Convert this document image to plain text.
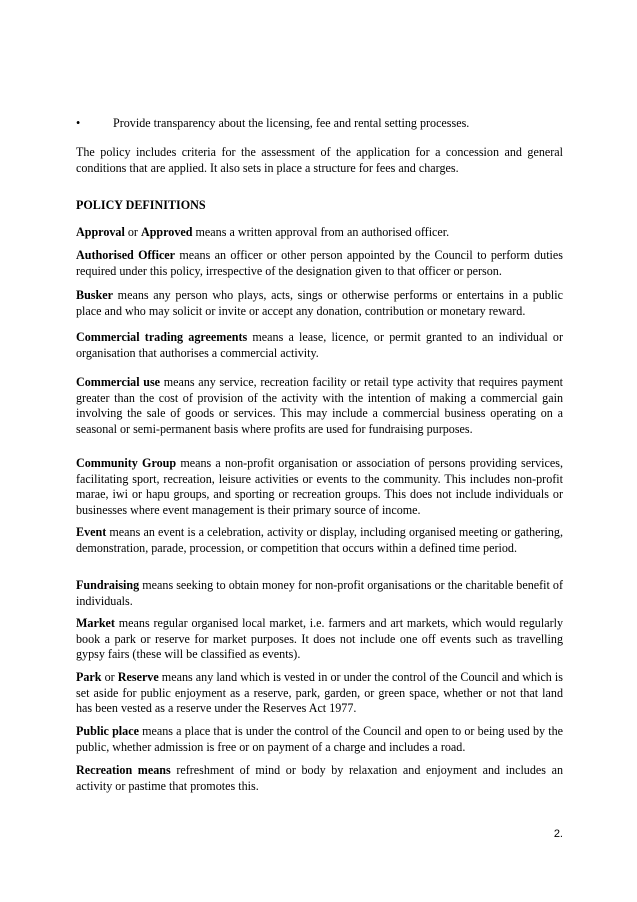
•	Provide transparency about the licensing, fee and rental setting processes.

The policy includes criteria for the assessment of the application for a concession and general conditions that are applied. It also sets in place a structure for fees and charges.

POLICY DEFINITIONS

Approval or Approved means a written approval from an authorised officer.

Authorised Officer means an officer or other person appointed by the Council to perform duties required under this policy, irrespective of the designation given to that officer or person.

Busker means any person who plays, acts, sings or otherwise performs or entertains in a public place and who may solicit or invite or accept any donation, contribution or monetary reward.

Commercial trading agreements means a lease, licence, or permit granted to an individual or organisation that authorises a commercial activity.

Commercial use means any service, recreation facility or retail type activity that requires payment greater than the cost of provision of the activity with the intention of making a commercial gain involving the sale of goods or services. This may include a commercial business operating on a seasonal or semi-permanent basis where profits are used for fundraising purposes.

Community Group means a non-profit organisation or association of persons providing services, facilitating sport, recreation, leisure activities or events to the community. This includes non-profit marae, iwi or hapu groups, and sporting or recreation groups. This does not include individuals or businesses where event management is their primary source of income.

Event means an event is a celebration, activity or display, including organised meeting or gathering, demonstration, parade, procession, or competition that occurs within a defined time period.

Fundraising means seeking to obtain money for non-profit organisations or the charitable benefit of individuals.

Market means regular organised local market, i.e. farmers and art markets, which would regularly book a park or reserve for market purposes. It does not include one off events such as travelling gypsy fairs (these will be classified as events).

Park or Reserve means any land which is vested in or under the control of the Council and which is set aside for public enjoyment as a reserve, park, garden, or green space, whether or not that land has been vested as a reserve under the Reserves Act 1977.

Public place means a place that is under the control of the Council and open to or being used by the public, whether admission is free or on payment of a charge and includes a road.

Recreation means refreshment of mind or body by relaxation and enjoyment and includes an activity or pastime that promotes this.

2.
